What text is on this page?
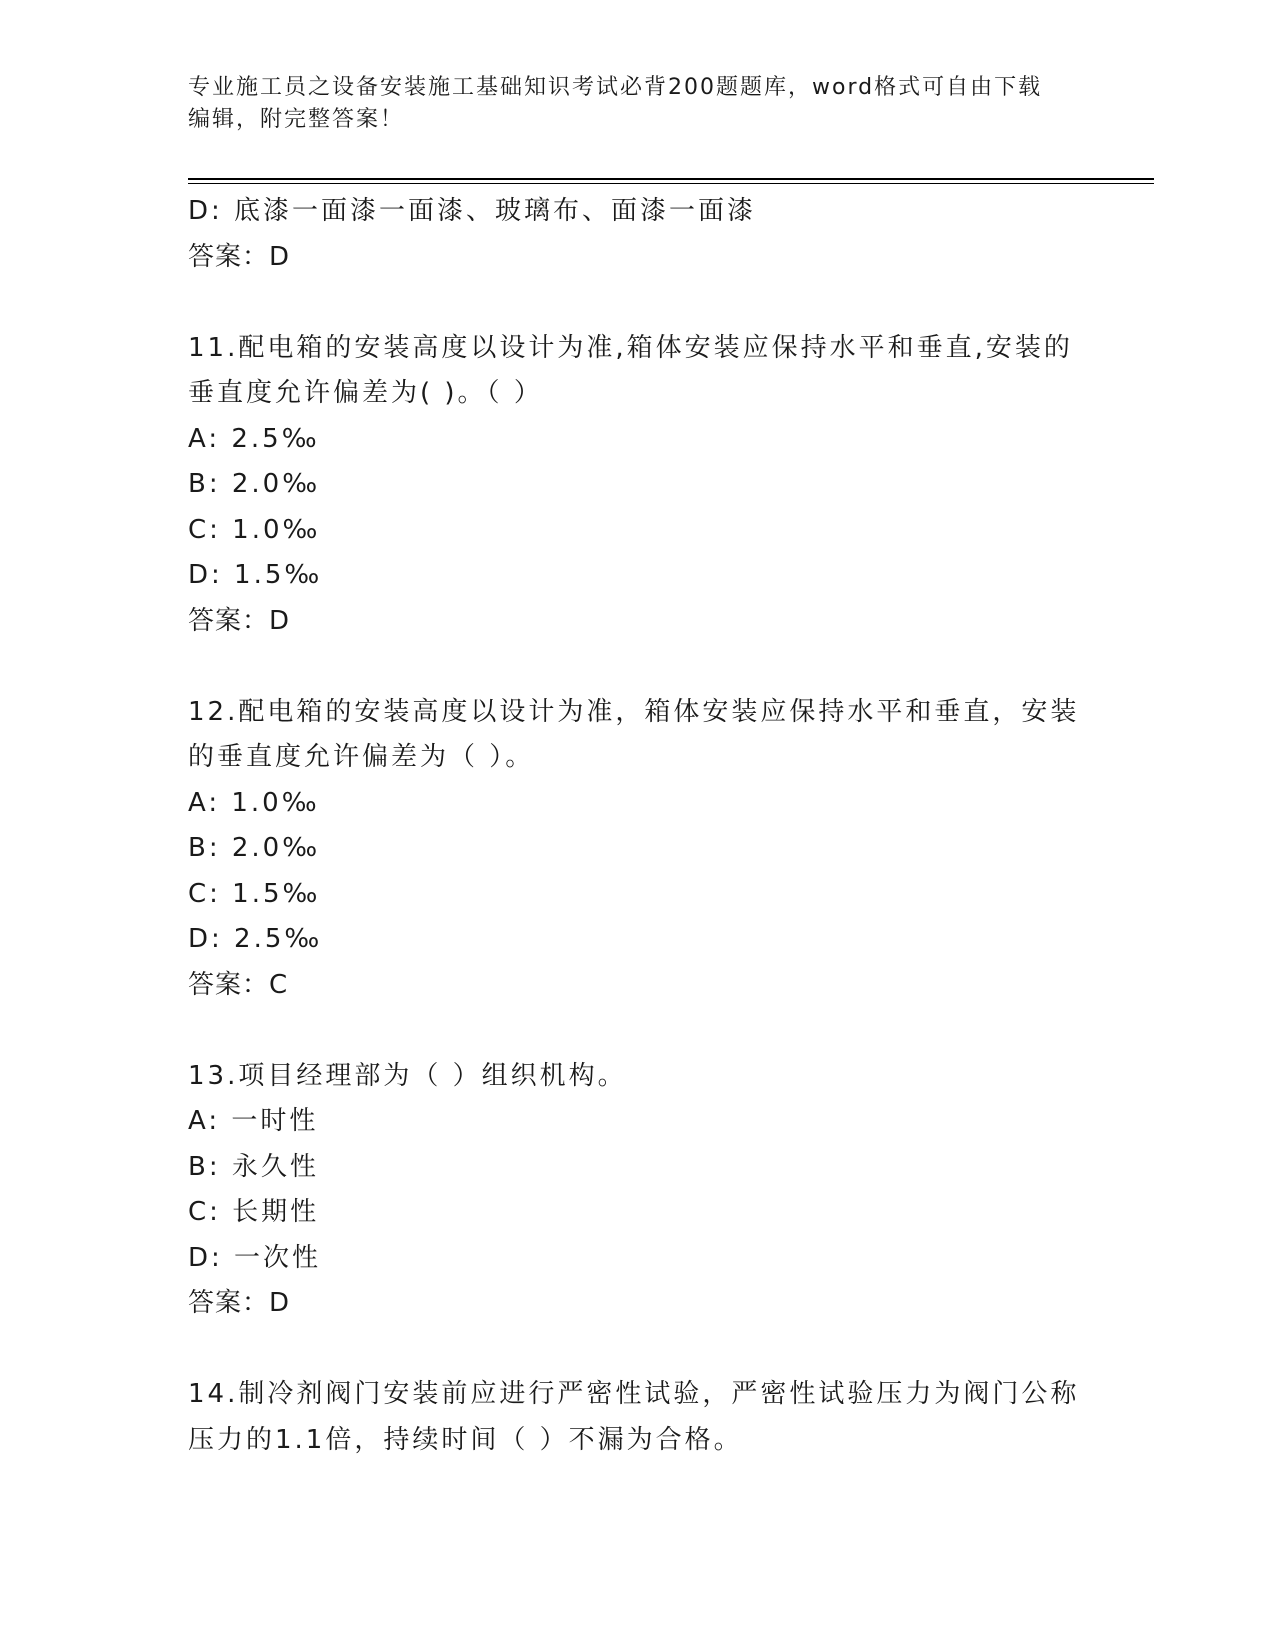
专业施工员之设备安装施工基础知识考试必背200题题库，word格式可自由下载
编辑，附完整答案！
D: 底漆一面漆一面漆、玻璃布、面漆一面漆
答案：D
11.配电箱的安装高度以设计为准,箱体安装应保持水平和垂直,安装的
垂直度允许偏差为( )。（ ）
A: 2.5‰
B: 2.0‰
C: 1.0‰
D: 1.5‰
答案：D
12.配电箱的安装高度以设计为准，箱体安装应保持水平和垂直，安装
的垂直度允许偏差为（ ）。
A: 1.0‰
B: 2.0‰
C: 1.5‰
D: 2.5‰
答案：C
13.项目经理部为（ ）组织机构。
A: 一时性
B: 永久性
C: 长期性
D: 一次性
答案：D
14.制冷剂阀门安装前应进行严密性试验，严密性试验压力为阀门公称
压力的1.1倍，持续时间（ ）不漏为合格。
